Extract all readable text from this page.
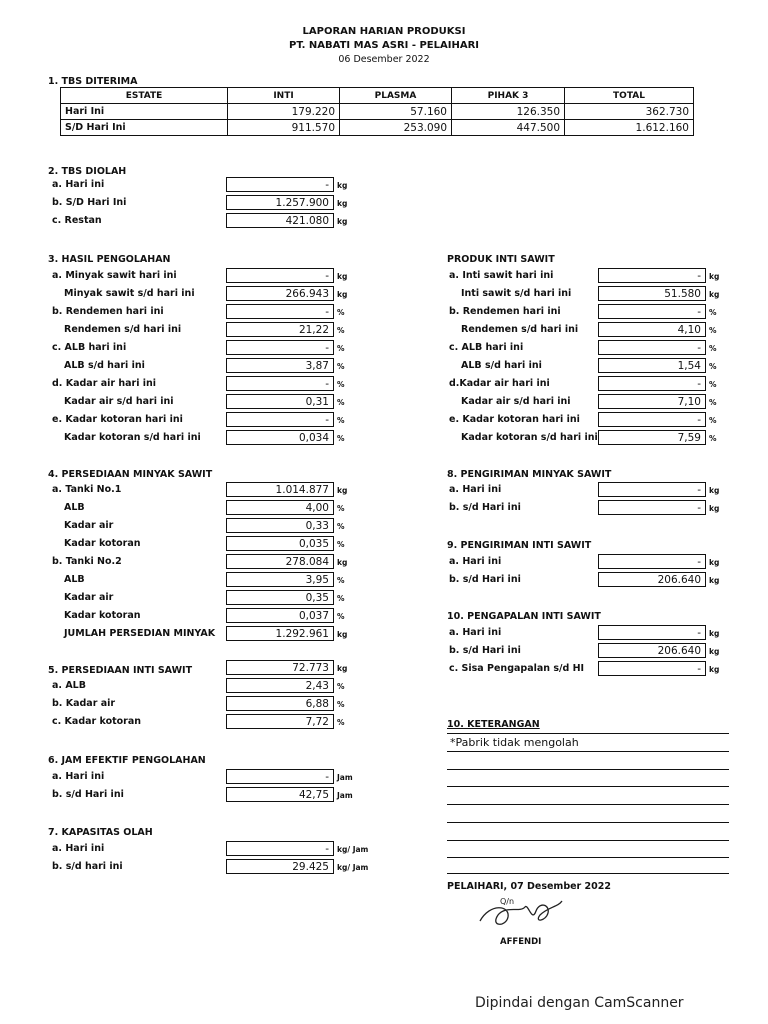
LAPORAN HARIAN PRODUKSI
PT. NABATI MAS ASRI - PELAIHARI
06 Desember 2022
1. TBS DITERIMA
ESTATE	INTI	PLASMA	PIHAK 3	TOTAL
Hari Ini	179.220	57.160	126.350	362.730
S/D Hari Ini	911.570	253.090	447.500	1.612.160
2. TBS DIOLAH
a. Hari ini	-	kg
b. S/D Hari Ini	1.257.900	kg
c. Restan	421.080	kg
3. HASIL PENGOLAHAN
a. Minyak sawit hari ini	-	kg
Minyak sawit s/d hari ini	266.943	kg
b. Rendemen hari ini	-	%
Rendemen s/d hari ini	21,22	%
c. ALB hari ini	-	%
ALB s/d hari ini	3,87	%
d. Kadar air hari ini	-	%
Kadar air s/d hari ini	0,31	%
e. Kadar kotoran hari ini	-	%
Kadar kotoran s/d hari ini	0,034	%
PRODUK INTI SAWIT
a. Inti sawit hari ini	-	kg
Inti sawit s/d hari ini	51.580	kg
b. Rendemen hari ini	-	%
Rendemen s/d hari ini	4,10	%
c. ALB hari ini	-	%
ALB s/d hari ini	1,54	%
d.Kadar air hari ini	-	%
Kadar air s/d hari ini	7,10	%
e. Kadar kotoran hari ini	-	%
Kadar kotoran s/d hari ini	7,59	%
4. PERSEDIAAN MINYAK SAWIT
a. Tanki No.1	1.014.877	kg
ALB	4,00	%
Kadar air	0,33	%
Kadar kotoran	0,035	%
b. Tanki No.2	278.084	kg
ALB	3,95	%
Kadar air	0,35	%
Kadar kotoran	0,037	%
JUMLAH PERSEDIAN MINYAK	1.292.961	kg
5. PERSEDIAAN INTI SAWIT	72.773	kg
a. ALB	2,43	%
b. Kadar air	6,88	%
c. Kadar kotoran	7,72	%
6. JAM EFEKTIF PENGOLAHAN
a. Hari ini	-	Jam
b. s/d Hari ini	42,75	Jam
7. KAPASITAS OLAH
a. Hari ini	-	kg/ Jam
b. s/d hari ini	29.425	kg/ Jam
8. PENGIRIMAN MINYAK SAWIT
a. Hari ini	-	kg
b. s/d Hari ini	-	kg
9. PENGIRIMAN INTI SAWIT
a. Hari ini	-	kg
b. s/d Hari ini	206.640	kg
10. PENGAPALAN INTI SAWIT
a. Hari ini	-	kg
b. s/d Hari ini	206.640	kg
c. Sisa Pengapalan s/d HI	-	kg
10. KETERANGAN
*Pabrik tidak mengolah
PELAIHARI, 07 Desember 2022
Q/n
AFFENDI
Dipindai dengan CamScanner
